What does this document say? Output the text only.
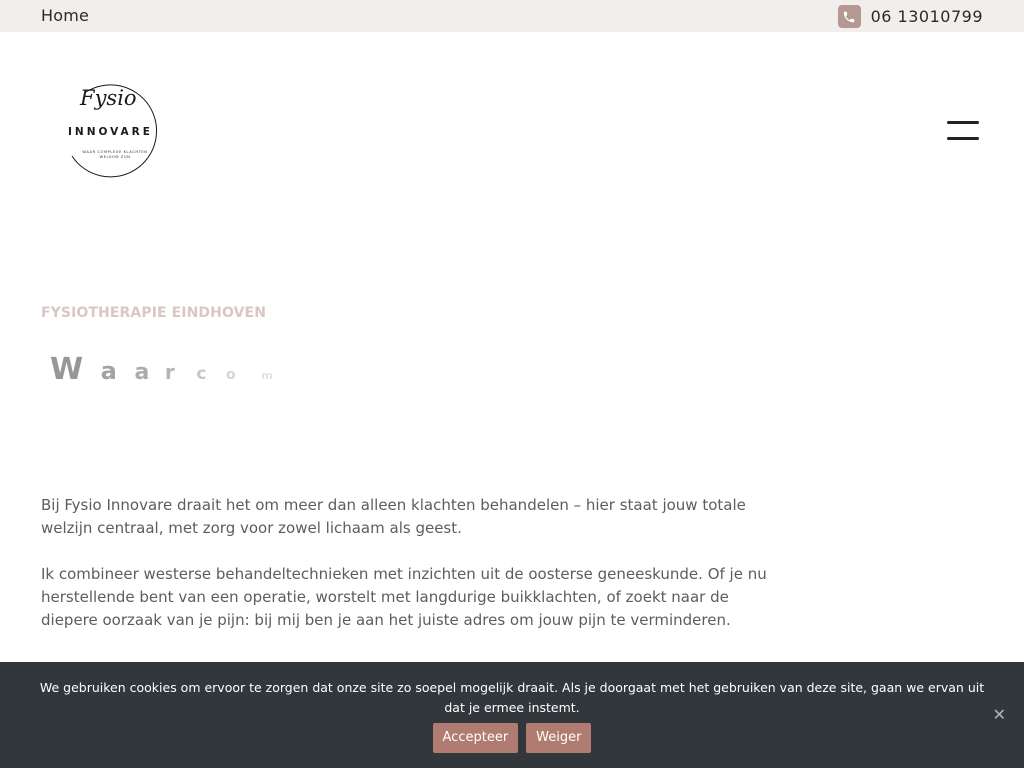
Home	06 13010799
Fysio
INNOVARE
WAAR COMPLEXE KLACHTEN WELKOM ZIJN
FYSIOTHERAPIE EINDHOVEN
W a a r c o m	·

Bij Fysio Innovare draait het om meer dan alleen klachten behandelen – hier staat jouw totale welzijn centraal, met zorg voor zowel lichaam als geest.

Ik combineer westerse behandeltechnieken met inzichten uit de oosterse geneeskunde. Of je nu herstellende bent van een operatie, worstelt met langdurige buikklachten, of zoekt naar de diepere oorzaak van je pijn: bij mij ben je aan het juiste adres om jouw pijn te verminderen.

We gebruiken cookies om ervoor te zorgen dat onze site zo soepel mogelijk draait. Als je doorgaat met het gebruiken van deze site, gaan we ervan uit dat je ermee instemt.
Accepteer	Weiger
✕
